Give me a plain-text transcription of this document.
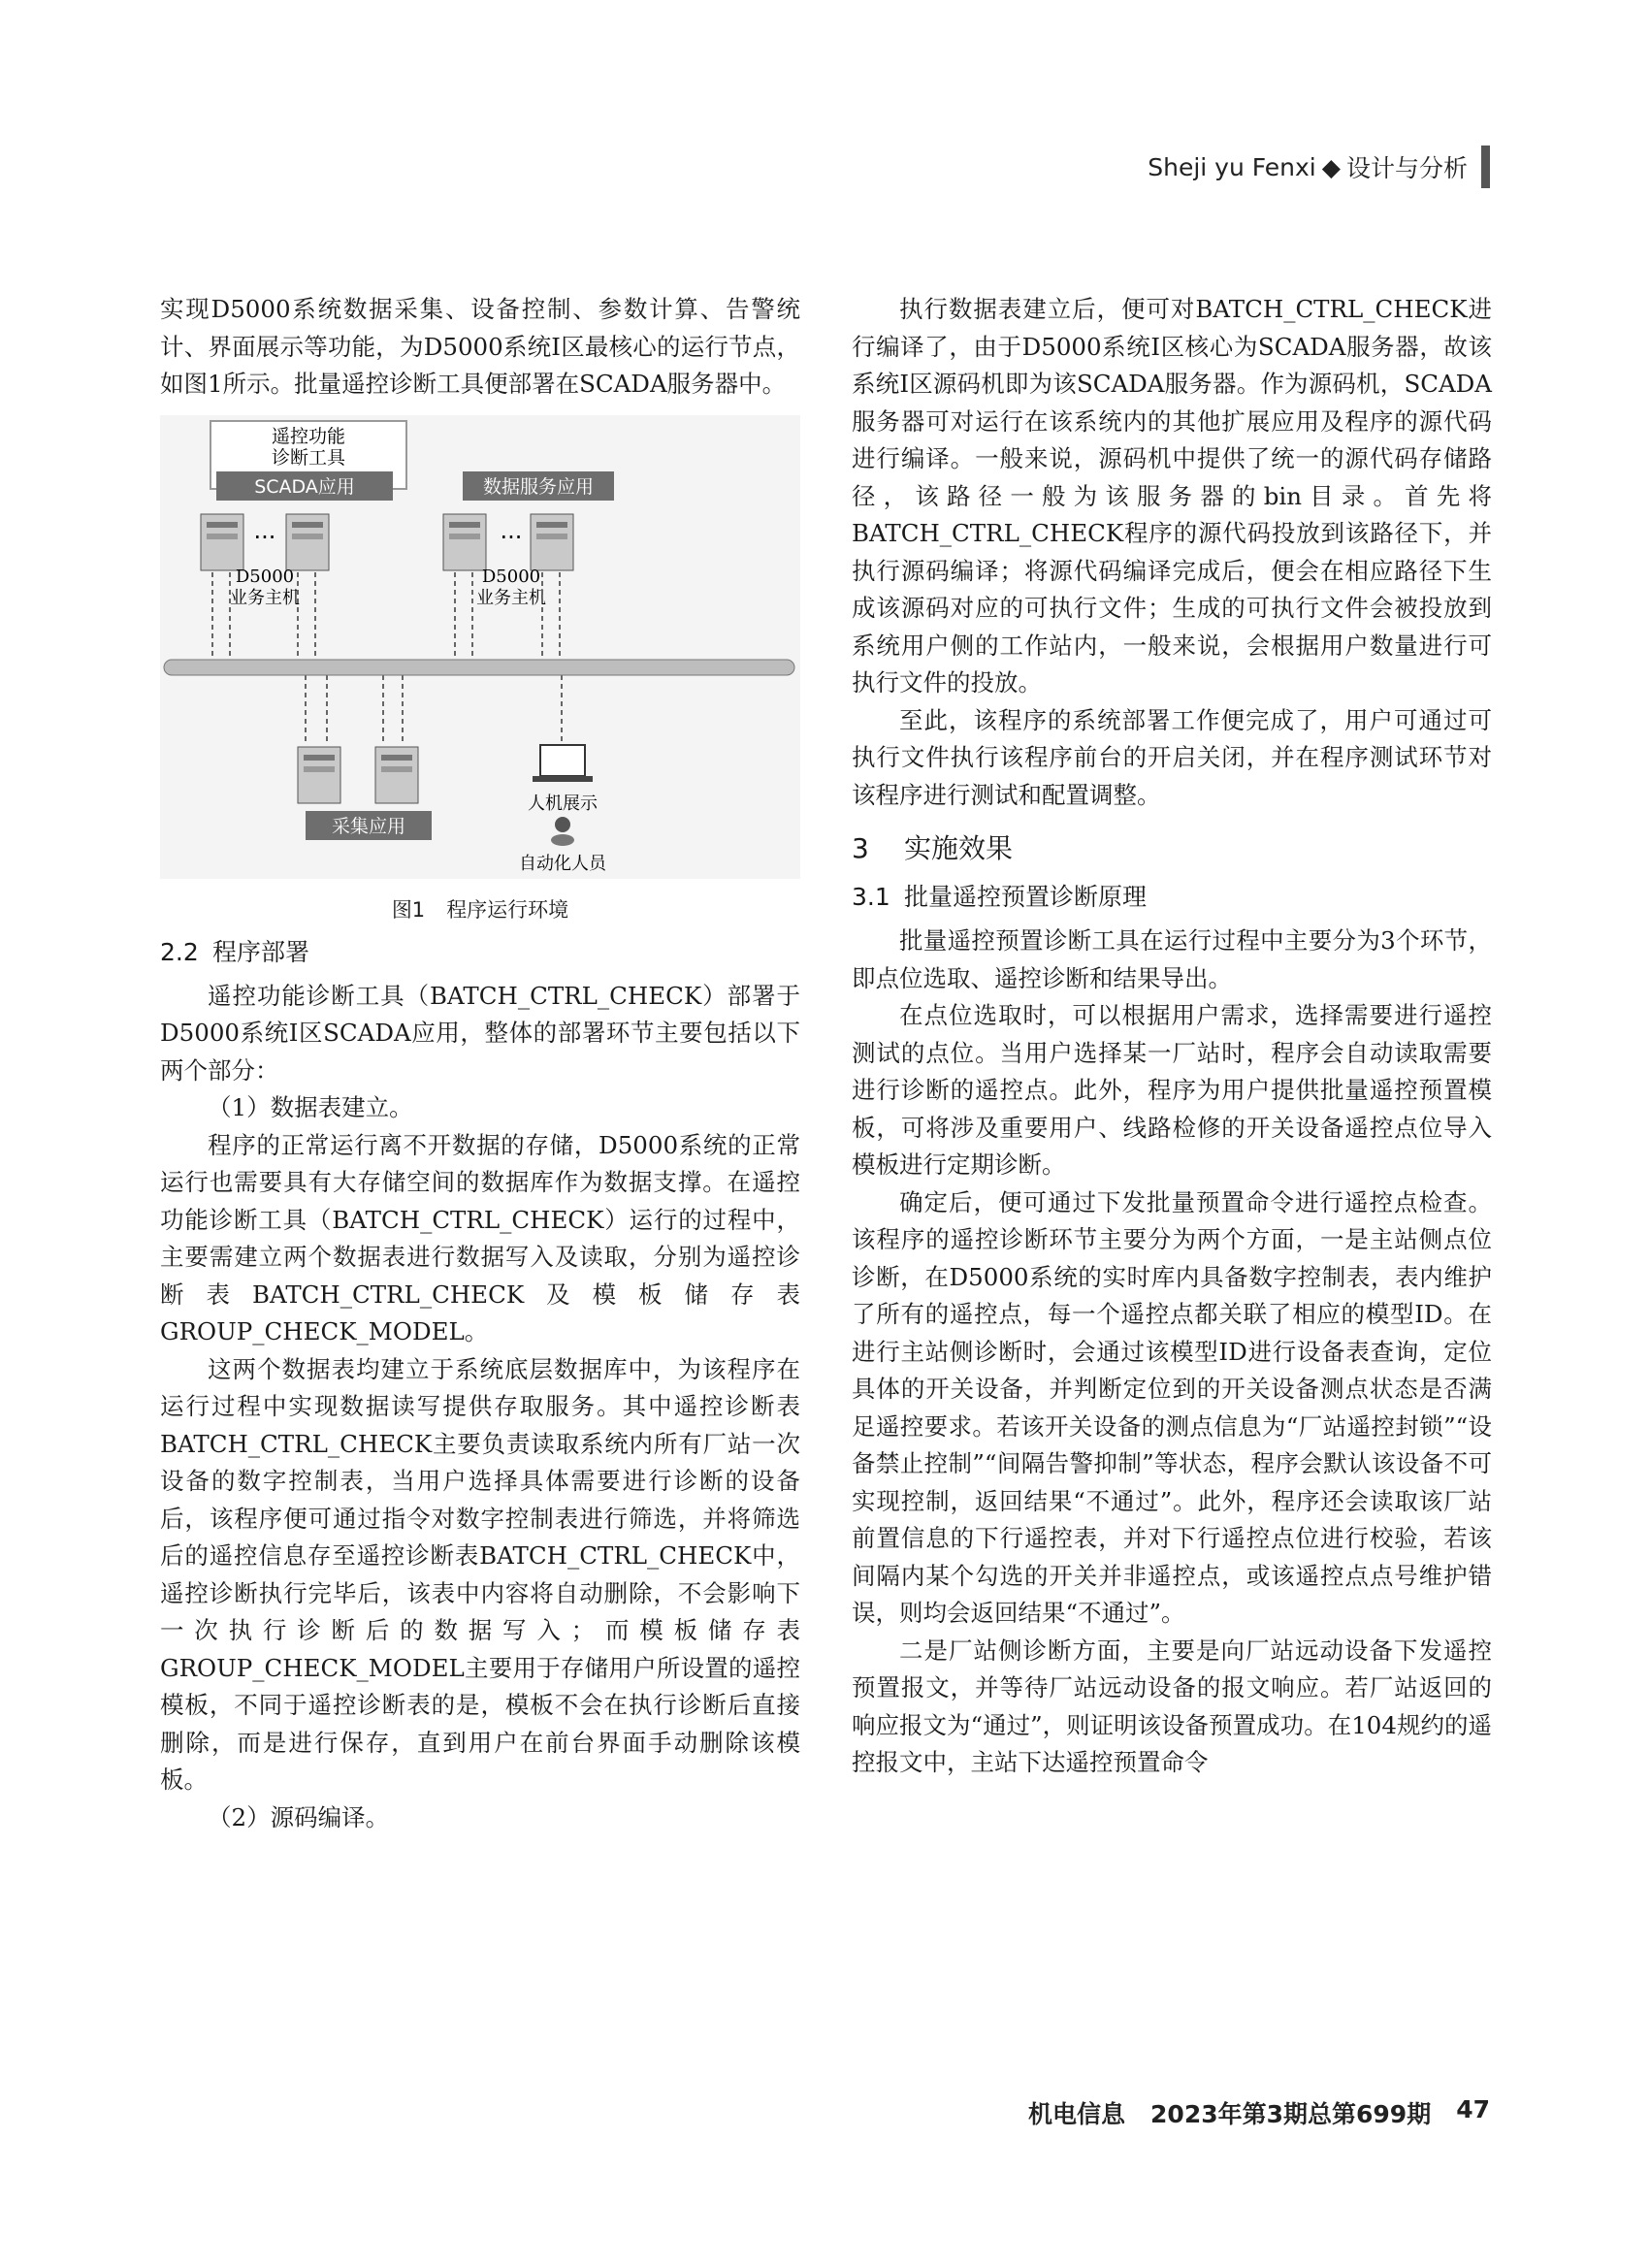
Sheji yu Fenxi ◆ 设计与分析

实现D5000系统数据采集、设备控制、参数计算、告警统计、界面展示等功能，为D5000系统Ⅰ区最核心的运行节点，如图1所示。批量遥控诊断工具便部署在SCADA服务器中。

遥控功能
诊断工具
SCADA应用	数据服务应用
···	···
D5000
业务主机
D5000
业务主机
采集应用
人机展示
自动化人员
图1 程序运行环境
2.2 程序部署

遥控功能诊断工具（BATCH_CTRL_CHECK）部署于D5000系统Ⅰ区SCADA应用，整体的部署环节主要包括以下两个部分：

（1）数据表建立。

程序的正常运行离不开数据的存储，D5000系统的正常运行也需要具有大存储空间的数据库作为数据支撑。在遥控功能诊断工具（BATCH_CTRL_CHECK）运行的过程中，主要需建立两个数据表进行数据写入及读取，分别为遥控诊断表BATCH_CTRL_CHECK及模板储存表GROUP_CHECK_MODEL。

这两个数据表均建立于系统底层数据库中，为该程序在运行过程中实现数据读写提供存取服务。其中遥控诊断表BATCH_CTRL_CHECK主要负责读取系统内所有厂站一次设备的数字控制表，当用户选择具体需要进行诊断的设备后，该程序便可通过指令对数字控制表进行筛选，并将筛选后的遥控信息存至遥控诊断表BATCH_CTRL_CHECK中，遥控诊断执行完毕后，该表中内容将自动删除，不会影响下一次执行诊断后的数据写入；而模板储存表GROUP_CHECK_MODEL主要用于存储用户所设置的遥控模板，不同于遥控诊断表的是，模板不会在执行诊断后直接删除，而是进行保存，直到用户在前台界面手动删除该模板。

（2）源码编译。

执行数据表建立后，便可对BATCH_CTRL_CHECK进行编译了，由于D5000系统Ⅰ区核心为SCADA服务器，故该系统Ⅰ区源码机即为该SCADA服务器。作为源码机，SCADA服务器可对运行在该系统内的其他扩展应用及程序的源代码进行编译。一般来说，源码机中提供了统一的源代码存储路径，该路径一般为该服务器的bin目录。首先将BATCH_CTRL_CHECK程序的源代码投放到该路径下，并执行源码编译；将源代码编译完成后，便会在相应路径下生成该源码对应的可执行文件；生成的可执行文件会被投放到系统用户侧的工作站内，一般来说，会根据用户数量进行可执行文件的投放。

至此，该程序的系统部署工作便完成了，用户可通过可执行文件执行该程序前台的开启关闭，并在程序测试环节对该程序进行测试和配置调整。

3 实施效果
3.1 批量遥控预置诊断原理

批量遥控预置诊断工具在运行过程中主要分为3个环节，即点位选取、遥控诊断和结果导出。

在点位选取时，可以根据用户需求，选择需要进行遥控测试的点位。当用户选择某一厂站时，程序会自动读取需要进行诊断的遥控点。此外，程序为用户提供批量遥控预置模板，可将涉及重要用户、线路检修的开关设备遥控点位导入模板进行定期诊断。

确定后，便可通过下发批量预置命令进行遥控点检查。该程序的遥控诊断环节主要分为两个方面，一是主站侧点位诊断，在D5000系统的实时库内具备数字控制表，表内维护了所有的遥控点，每一个遥控点都关联了相应的模型ID。在进行主站侧诊断时，会通过该模型ID进行设备表查询，定位具体的开关设备，并判断定位到的开关设备测点状态是否满足遥控要求。若该开关设备的测点信息为“厂站遥控封锁”“设备禁止控制”“间隔告警抑制”等状态，程序会默认该设备不可实现控制，返回结果“不通过”。此外，程序还会读取该厂站前置信息的下行遥控表，并对下行遥控点位进行校验，若该间隔内某个勾选的开关并非遥控点，或该遥控点点号维护错误，则均会返回结果“不通过”。

二是厂站侧诊断方面，主要是向厂站远动设备下发遥控预置报文，并等待厂站远动设备的报文响应。若厂站返回的响应报文为“通过”，则证明该设备预置成功。在104规约的遥控报文中，主站下达遥控预置命令

机电信息 2023年第3期总第699期 47
